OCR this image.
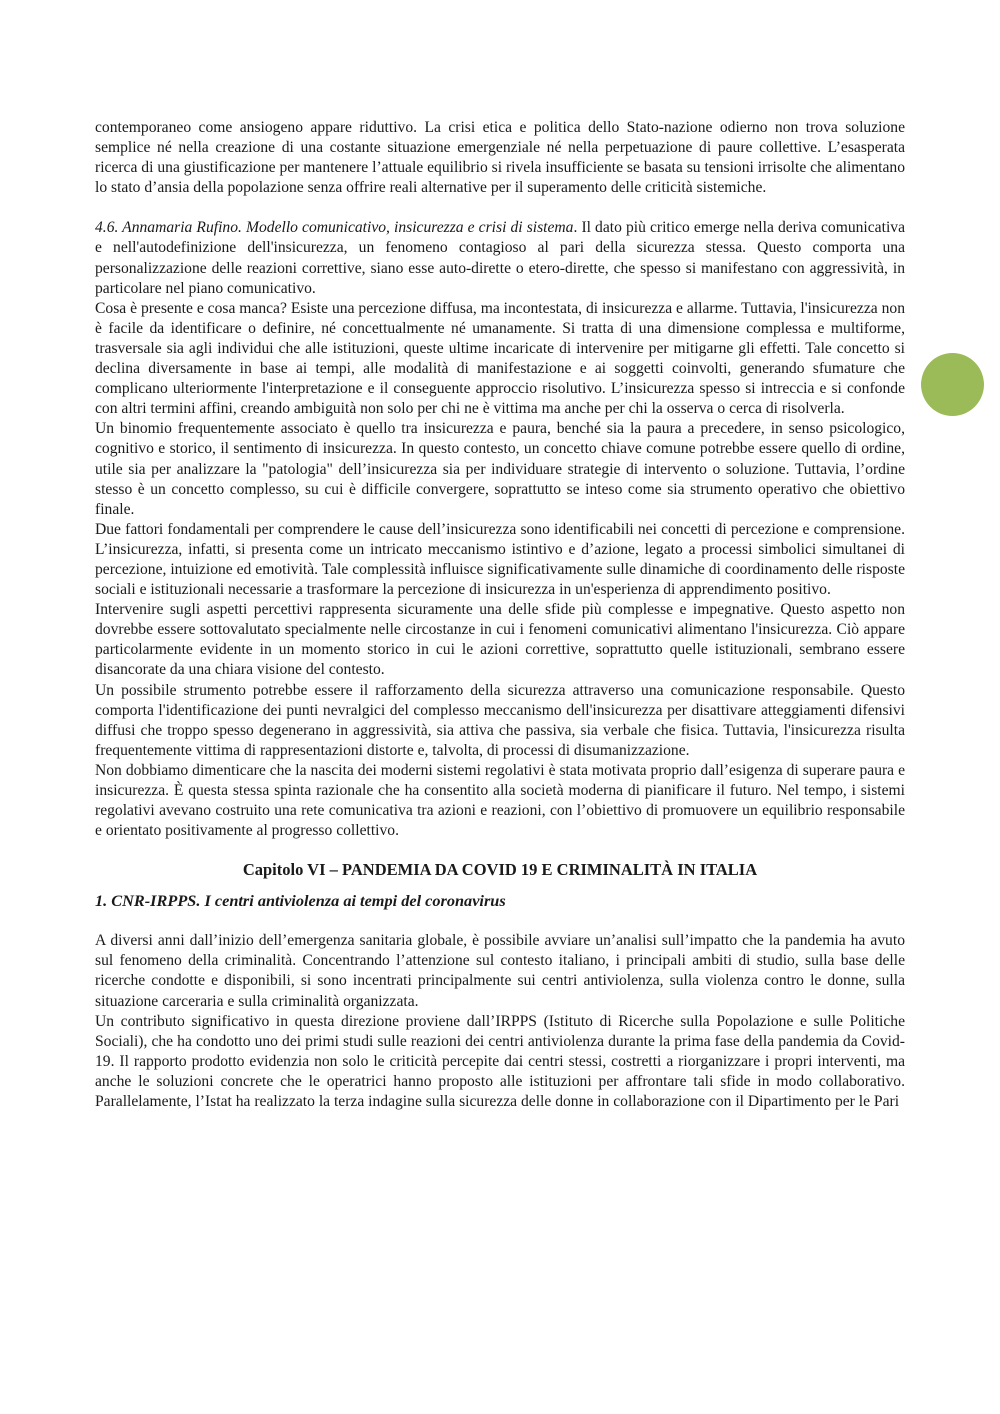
contemporaneo come ansiogeno appare riduttivo. La crisi etica e politica dello Stato-nazione odierno non trova soluzione semplice né nella creazione di una costante situazione emergenziale né nella perpetuazione di paure collettive. L’esasperata ricerca di una giustificazione per mantenere l’attuale equilibrio si rivela insufficiente se basata su tensioni irrisolte che alimentano lo stato d’ansia della popolazione senza offrire reali alternative per il superamento delle criticità sistemiche.

4.6. Annamaria Rufino. Modello comunicativo, insicurezza e crisi di sistema. Il dato più critico emerge nella deriva comunicativa e nell'autodefinizione dell'insicurezza, un fenomeno contagioso al pari della sicurezza stessa. Questo comporta una personalizzazione delle reazioni correttive, siano esse auto-dirette o etero-dirette, che spesso si manifestano con aggressività, in particolare nel piano comunicativo.

Cosa è presente e cosa manca? Esiste una percezione diffusa, ma incontestata, di insicurezza e allarme. Tuttavia, l'insicurezza non è facile da identificare o definire, né concettualmente né umanamente. Si tratta di una dimensione complessa e multiforme, trasversale sia agli individui che alle istituzioni, queste ultime incaricate di intervenire per mitigarne gli effetti. Tale concetto si declina diversamente in base ai tempi, alle modalità di manifestazione e ai soggetti coinvolti, generando sfumature che complicano ulteriormente l'interpretazione e il conseguente approccio risolutivo. L’insicurezza spesso si intreccia e si confonde con altri termini affini, creando ambiguità non solo per chi ne è vittima ma anche per chi la osserva o cerca di risolverla.

Un binomio frequentemente associato è quello tra insicurezza e paura, benché sia la paura a precedere, in senso psicologico, cognitivo e storico, il sentimento di insicurezza. In questo contesto, un concetto chiave comune potrebbe essere quello di ordine, utile sia per analizzare la "patologia" dell’insicurezza sia per individuare strategie di intervento o soluzione. Tuttavia, l’ordine stesso è un concetto complesso, su cui è difficile convergere, soprattutto se inteso come sia strumento operativo che obiettivo finale.

Due fattori fondamentali per comprendere le cause dell’insicurezza sono identificabili nei concetti di percezione e comprensione. L’insicurezza, infatti, si presenta come un intricato meccanismo istintivo e d’azione, legato a processi simbolici simultanei di percezione, intuizione ed emotività. Tale complessità influisce significativamente sulle dinamiche di coordinamento delle risposte sociali e istituzionali necessarie a trasformare la percezione di insicurezza in un'esperienza di apprendimento positivo.

Intervenire sugli aspetti percettivi rappresenta sicuramente una delle sfide più complesse e impegnative. Questo aspetto non dovrebbe essere sottovalutato specialmente nelle circostanze in cui i fenomeni comunicativi alimentano l'insicurezza. Ciò appare particolarmente evidente in un momento storico in cui le azioni correttive, soprattutto quelle istituzionali, sembrano essere disancorate da una chiara visione del contesto.

Un possibile strumento potrebbe essere il rafforzamento della sicurezza attraverso una comunicazione responsabile. Questo comporta l'identificazione dei punti nevralgici del complesso meccanismo dell'insicurezza per disattivare atteggiamenti difensivi diffusi che troppo spesso degenerano in aggressività, sia attiva che passiva, sia verbale che fisica. Tuttavia, l'insicurezza risulta frequentemente vittima di rappresentazioni distorte e, talvolta, di processi di disumanizzazione.

Non dobbiamo dimenticare che la nascita dei moderni sistemi regolativi è stata motivata proprio dall’esigenza di superare paura e insicurezza. È questa stessa spinta razionale che ha consentito alla società moderna di pianificare il futuro. Nel tempo, i sistemi regolativi avevano costruito una rete comunicativa tra azioni e reazioni, con l’obiettivo di promuovere un equilibrio responsabile e orientato positivamente al progresso collettivo.

Capitolo VI – PANDEMIA DA COVID 19 E CRIMINALITÀ IN ITALIA
1. CNR-IRPPS. I centri antiviolenza ai tempi del coronavirus

A diversi anni dall’inizio dell’emergenza sanitaria globale, è possibile avviare un’analisi sull’impatto che la pandemia ha avuto sul fenomeno della criminalità. Concentrando l’attenzione sul contesto italiano, i principali ambiti di studio, sulla base delle ricerche condotte e disponibili, si sono incentrati principalmente sui centri antiviolenza, sulla violenza contro le donne, sulla situazione carceraria e sulla criminalità organizzata.

Un contributo significativo in questa direzione proviene dall’IRPPS (Istituto di Ricerche sulla Popolazione e sulle Politiche Sociali), che ha condotto uno dei primi studi sulle reazioni dei centri antiviolenza durante la prima fase della pandemia da Covid-19. Il rapporto prodotto evidenzia non solo le criticità percepite dai centri stessi, costretti a riorganizzare i propri interventi, ma anche le soluzioni concrete che le operatrici hanno proposto alle istituzioni per affrontare tali sfide in modo collaborativo. Parallelamente, l’Istat ha realizzato la terza indagine sulla sicurezza delle donne in collaborazione con il Dipartimento per le Pari
